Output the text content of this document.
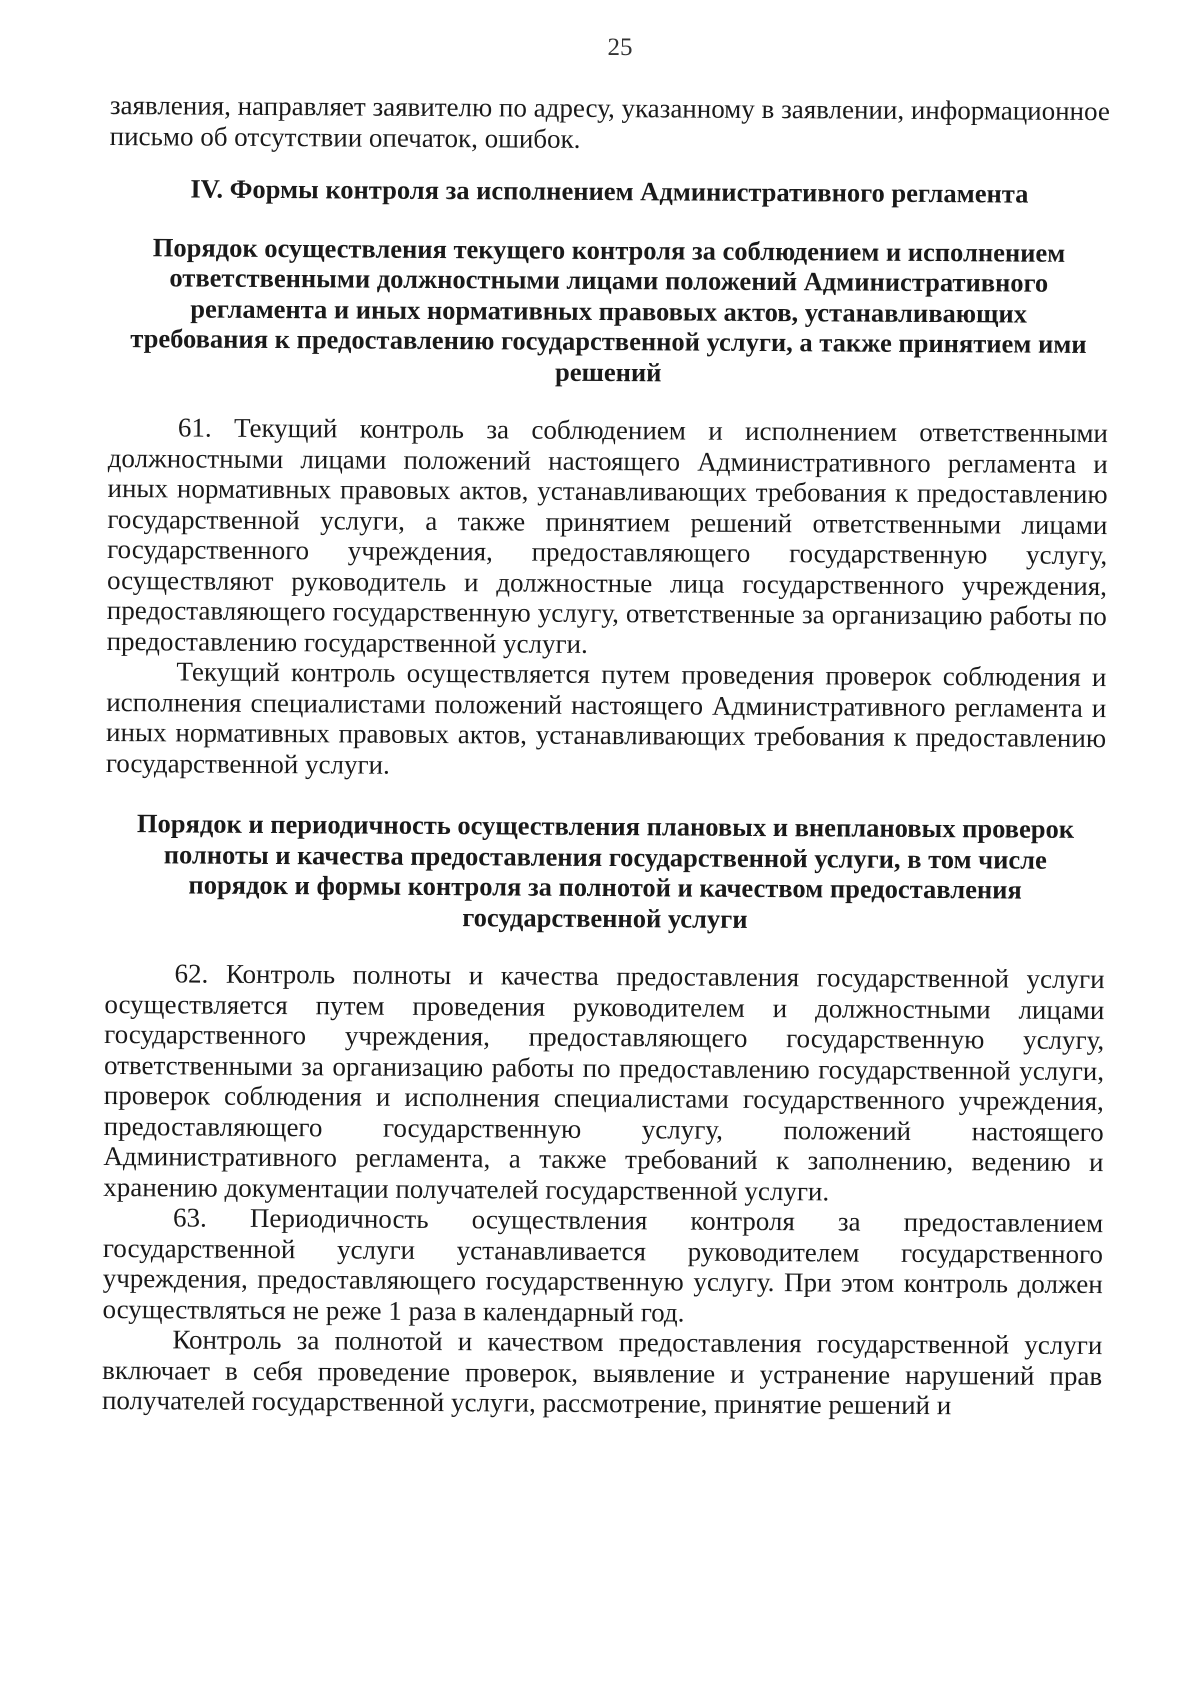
25

заявления, направляет заявителю по адресу, указанному в заявлении, информационное письмо об отсутствии опечаток, ошибок.

IV. Формы контроля за исполнением Административного регламента

Порядок осуществления текущего контроля за соблюдением и исполнением ответственными должностными лицами положений Административного регламента и иных нормативных правовых актов, устанавливающих требования к предоставлению государственной услуги, а также принятием ими решений

61. Текущий контроль за соблюдением и исполнением ответственными должностными лицами положений настоящего Административного регламента и иных нормативных правовых актов, устанавливающих требования к предоставлению государственной услуги, а также принятием решений ответственными лицами государственного учреждения, предоставляющего государственную услугу, осуществляют руководитель и должностные лица государственного учреждения, предоставляющего государственную услугу, ответственные за организацию работы по предоставлению государственной услуги.

Текущий контроль осуществляется путем проведения проверок соблюдения и исполнения специалистами положений настоящего Административного регламента и иных нормативных правовых актов, устанавливающих требования к предоставлению государственной услуги.

Порядок и периодичность осуществления плановых и внеплановых проверок полноты и качества предоставления государственной услуги, в том числе порядок и формы контроля за полнотой и качеством предоставления государственной услуги

62. Контроль полноты и качества предоставления государственной услуги осуществляется путем проведения руководителем и должностными лицами государственного учреждения, предоставляющего государственную услугу, ответственными за организацию работы по предоставлению государственной услуги, проверок соблюдения и исполнения специалистами государственного учреждения, предоставляющего государственную услугу, положений настоящего Административного регламента, а также требований к заполнению, ведению и хранению документации получателей государственной услуги.

63. Периодичность осуществления контроля за предоставлением государственной услуги устанавливается руководителем государственного учреждения, предоставляющего государственную услугу. При этом контроль должен осуществляться не реже 1 раза в календарный год.

Контроль за полнотой и качеством предоставления государственной услуги включает в себя проведение проверок, выявление и устранение нарушений прав получателей государственной услуги, рассмотрение, принятие решений и
